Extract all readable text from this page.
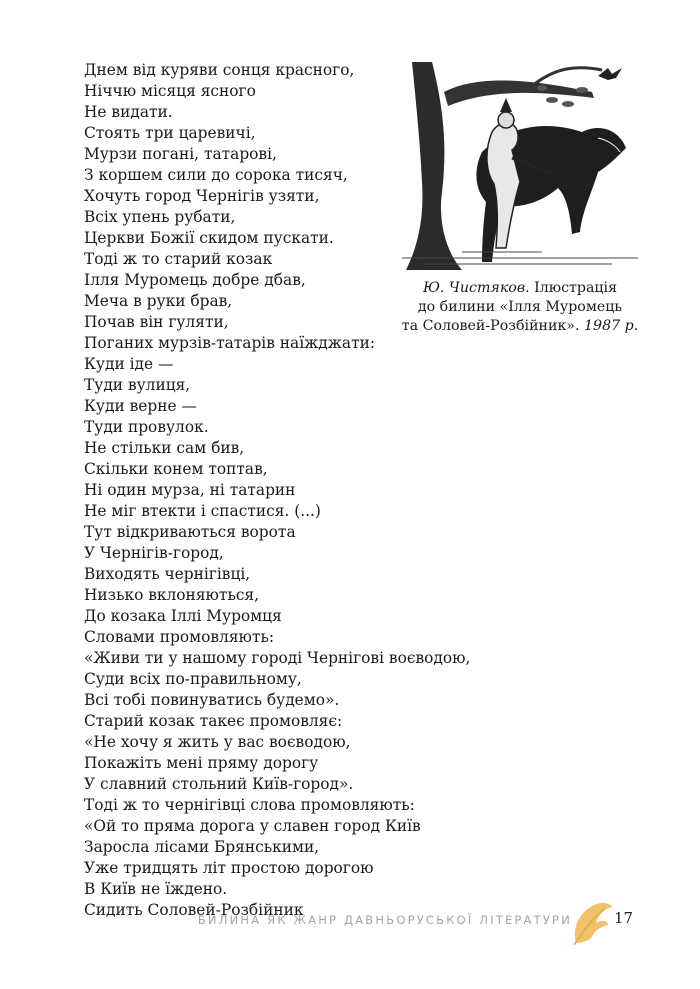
Днем від куряви сонця красного,
Ніччю місяця ясного
Не видати.
Стоять три царевичі,
Мурзи погані, татарові,
З коршем сили до сорока тисяч,
Хочуть город Чернігів узяти,
Всіх упень рубати,
Церкви Божії скидом пускати.
Тоді ж то старий козак
Ілля Муромець добре дбав,
Меча в руки брав,
Почав він гуляти,
Поганих мурзів-татарів наїжджати:
Куди іде —
Туди вулиця,
Куди верне —
Туди провулок.
Не стільки сам бив,
Скільки конем топтав,
Ні один мурза, ні татарин
Не міг втекти і спастися. (...)
Тут відкриваються ворота
У Чернігів-город,
Виходять чернігівці,
Низько вклоняються,
До козака Іллі Муромця
Словами промовляють:
«Живи ти у нашому городі Чернігові воєводою,
Суди всіх по-правильному,
Всі тобі повинуватись будемо».
Старий козак такеє промовляє:
«Не хочу я жить у вас воєводою,
Покажіть мені пряму дорогу
У славний стольний Київ-город».
Тоді ж то чернігівці слова промовляють:
«Ой то пряма дорога у славен город Київ
Заросла лісами Брянськими,
Уже тридцять літ простою дорогою
В Київ не їждено.
Сидить Соловей-Розбійник
Ю. Чистяков. Ілюстрація
до билини «Ілля Муромець
та Соловей-Розбійник». 1987 р.
БИЛИНА ЯК ЖАНР ДАВНЬОРУСЬКОЇ ЛІТЕРАТУРИ	17
